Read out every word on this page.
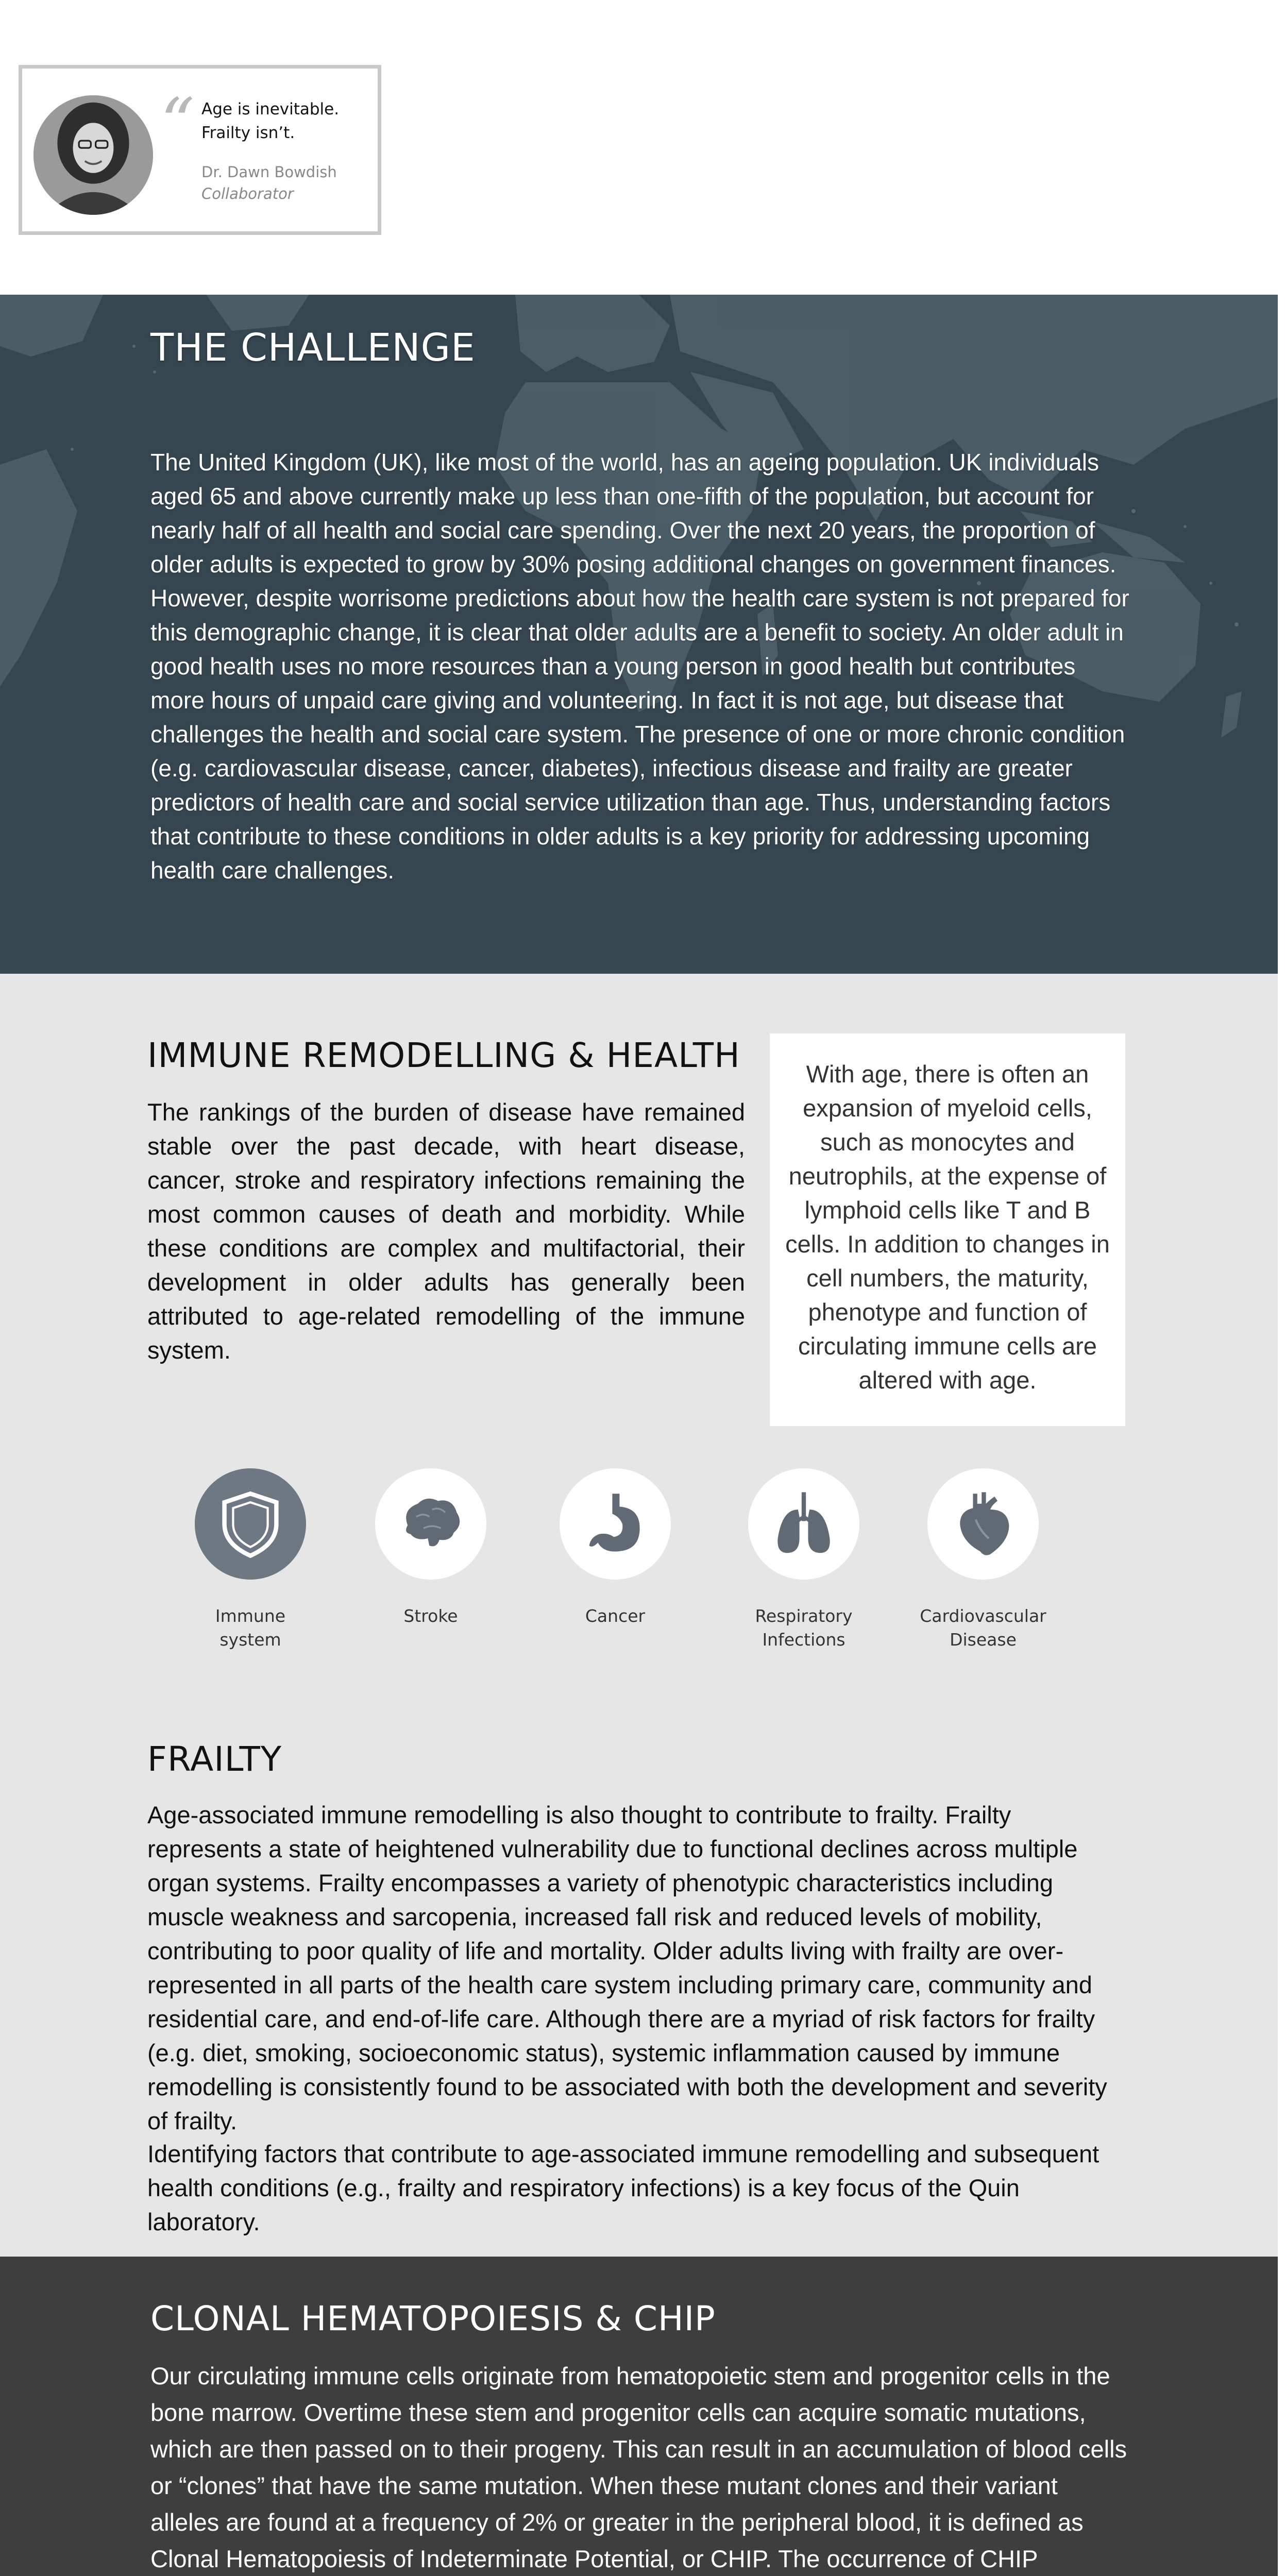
“ Age is inevitable.
Frailty isn’t.
Dr. Dawn Bowdish
Collaborator
THE CHALLENGE

The United Kingdom (UK), like most of the world, has an ageing population. UK individuals aged 65 and above currently make up less than one-fifth of the population, but account for nearly half of all health and social care spending. Over the next 20 years, the proportion of older adults is expected to grow by 30% posing additional changes on government finances. However, despite worrisome predictions about how the health care system is not prepared for this demographic change, it is clear that older adults are a benefit to society. An older adult in good health uses no more resources than a young person in good health but contributes more hours of unpaid care giving and volunteering. In fact it is not age, but disease that challenges the health and social care system. The presence of one or more chronic condition (e.g. cardiovascular disease, cancer, diabetes), infectious disease and frailty are greater predictors of health care and social service utilization than age. Thus, understanding factors that contribute to these conditions in older adults is a key priority for addressing upcoming health care challenges.

IMMUNE REMODELLING & HEALTH

The rankings of the burden of disease have remained stable over the past decade, with heart disease, cancer, stroke and respiratory infections remaining the most common causes of death and morbidity. While these conditions are complex and multifactorial, their development in older adults has generally been attributed to age-related remodelling of the immune system.

With age, there is often an expansion of myeloid cells, such as monocytes and neutrophils, at the expense of lymphoid cells like T and B cells. In addition to changes in cell numbers, the maturity, phenotype and function of circulating immune cells are altered with age.

Immune
system
Stroke	Cancer	Respiratory
Infections
Cardiovascular
Disease
FRAILTY

Age-associated immune remodelling is also thought to contribute to frailty. Frailty represents a state of heightened vulnerability due to functional declines across multiple organ systems. Frailty encompasses a variety of phenotypic characteristics including muscle weakness and sarcopenia, increased fall risk and reduced levels of mobility, contributing to poor quality of life and mortality. Older adults living with frailty are over-represented in all parts of the health care system including primary care, community and residential care, and end-of-life care. Although there are a myriad of risk factors for frailty (e.g. diet, smoking, socioeconomic status), systemic inflammation caused by immune remodelling is consistently found to be associated with both the development and severity of frailty.

Identifying factors that contribute to age-associated immune remodelling and subsequent health conditions (e.g., frailty and respiratory infections) is a key focus of the Quin laboratory.

CLONAL HEMATOPOIESIS & CHIP

Our circulating immune cells originate from hematopoietic stem and progenitor cells in the bone marrow. Overtime these stem and progenitor cells can acquire somatic mutations, which are then passed on to their progeny. This can result in an accumulation of blood cells or “clones” that have the same mutation. When these mutant clones and their variant alleles are found at a frequency of 2% or greater in the peripheral blood, it is defined as Clonal Hematopoiesis of Indeterminate Potential, or CHIP. The occurrence of CHIP
